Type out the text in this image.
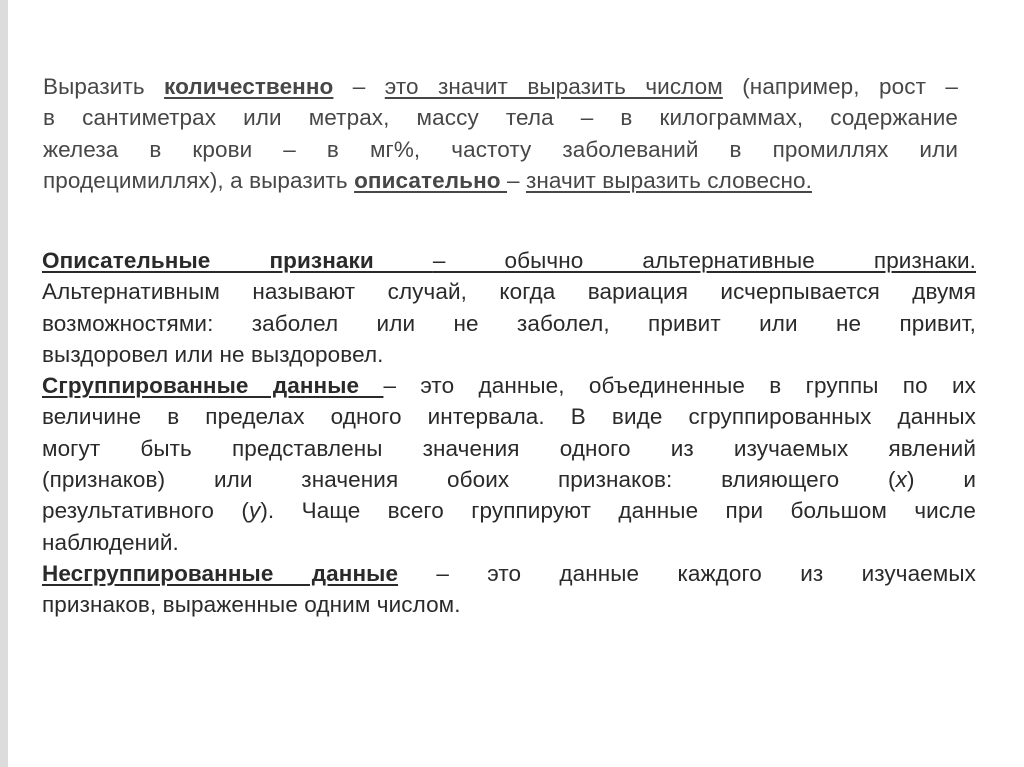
Выразить количественно – это значит выразить числом (например, рост –
в сантиметрах или метрах, массу тела – в килограммах, содержание
железа в крови – в мг%, частоту заболеваний в промиллях или
продецимиллях), а выразить описательно – значит выразить словесно.
Описательные признаки – обычно альтернативные признаки.
Альтернативным называют случай, когда вариация исчерпывается двумя
возможностями: заболел или не заболел, привит или не привит,
выздоровел или не выздоровел.
Сгруппированные данные – это данные, объединенные в группы по их
величине в пределах одного интервала. В виде сгруппированных данных
могут быть представлены значения одного из изучаемых явлений
(признаков) или значения обоих признаков: влияющего (х) и
результативного (у). Чаще всего группируют данные при большом числе
наблюдений.
Несгруппированные данные – это данные каждого из изучаемых
признаков, выраженные одним числом.
